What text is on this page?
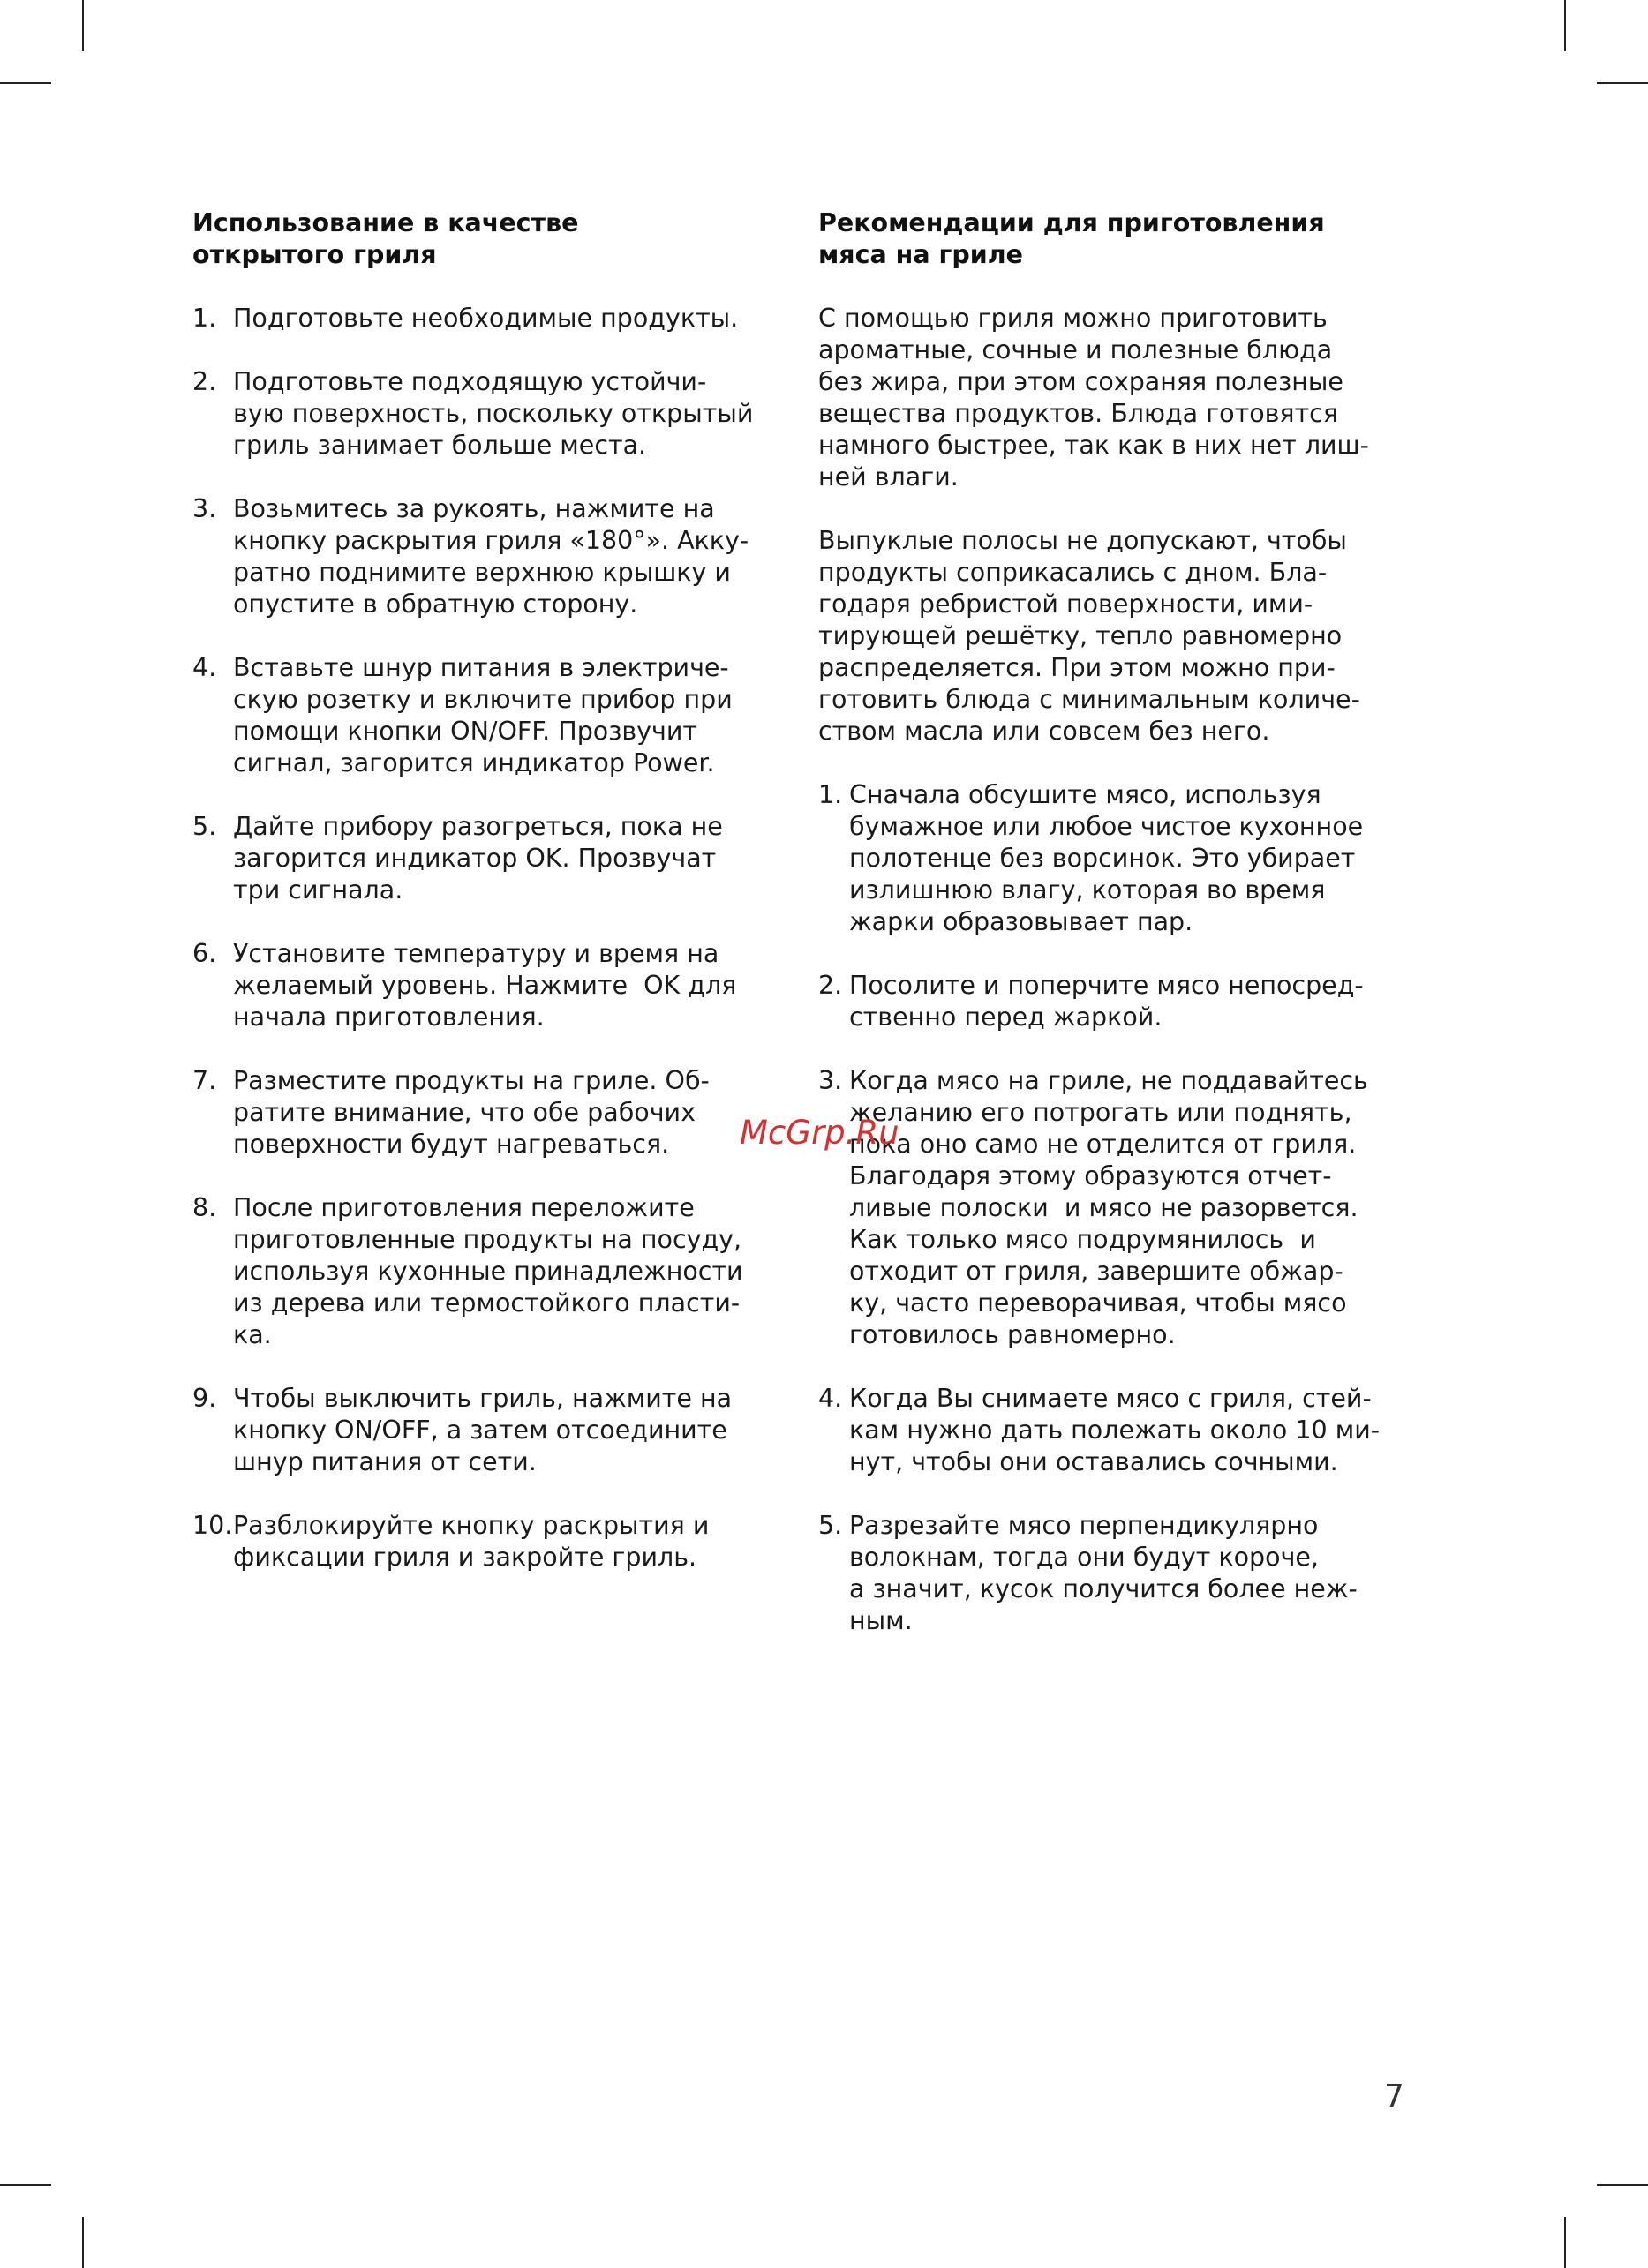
Использование в качестве
открытого гриля
1. Подготовьте необходимые продукты.
2. Подготовьте подходящую устойчи-
вую поверхность, поскольку открытый
гриль занимает больше места.
3. Возьмитесь за рукоять, нажмите на
кнопку раскрытия гриля «180°». Акку-
ратно поднимите верхнюю крышку и
опустите в обратную сторону.
4. Вставьте шнур питания в электриче-
скую розетку и включите прибор при
помощи кнопки ON/OFF. Прозвучит
сигнал, загорится индикатор Power.
5. Дайте прибору разогреться, пока не
загорится индикатор OK. Прозвучат
три сигнала.
6. Установите температуру и время на
желаемый уровень. Нажмите  OK для
начала приготовления.
7. Разместите продукты на гриле. Об-
ратите внимание, что обе рабочих
поверхности будут нагреваться.
8. После приготовления переложите
приготовленные продукты на посуду,
используя кухонные принадлежности
из дерева или термостойкого пласти-
ка.
9. Чтобы выключить гриль, нажмите на
кнопку ON/OFF, а затем отсоедините
шнур питания от сети.
10. Разблокируйте кнопку раскрытия и
фиксации гриля и закройте гриль.
Рекомендации для приготовления
мяса на гриле
С помощью гриля можно приготовить
ароматные, сочные и полезные блюда
без жира, при этом сохраняя полезные
вещества продуктов. Блюда готовятся
намного быстрее, так как в них нет лиш-
ней влаги.
Выпуклые полосы не допускают, чтобы
продукты соприкасались с дном. Бла-
годаря ребристой поверхности, ими-
тирующей решётку, тепло равномерно
распределяется. При этом можно при-
готовить блюда с минимальным количе-
ством масла или совсем без него.
1. Сначала обсушите мясо, используя
бумажное или любое чистое кухонное
полотенце без ворсинок. Это убирает
излишнюю влагу, которая во время
жарки образовывает пар.
2. Посолите и поперчите мясо непосред-
ственно перед жаркой.
3. Когда мясо на гриле, не поддавайтесь
желанию его потрогать или поднять,
пока оно само не отделится от гриля.
Благодаря этому образуются отчет-
ливые полоски  и мясо не разорвется.
Как только мясо подрумянилось  и
отходит от гриля, завершите обжар-
ку, часто переворачивая, чтобы мясо
готовилось равномерно.
4. Когда Вы снимаете мясо с гриля, стей-
кам нужно дать полежать около 10 ми-
нут, чтобы они оставались сочными.
5. Разрезайте мясо перпендикулярно
волокнам, тогда они будут короче,
а значит, кусок получится более неж-
ным.
McGrp.Ru
7
